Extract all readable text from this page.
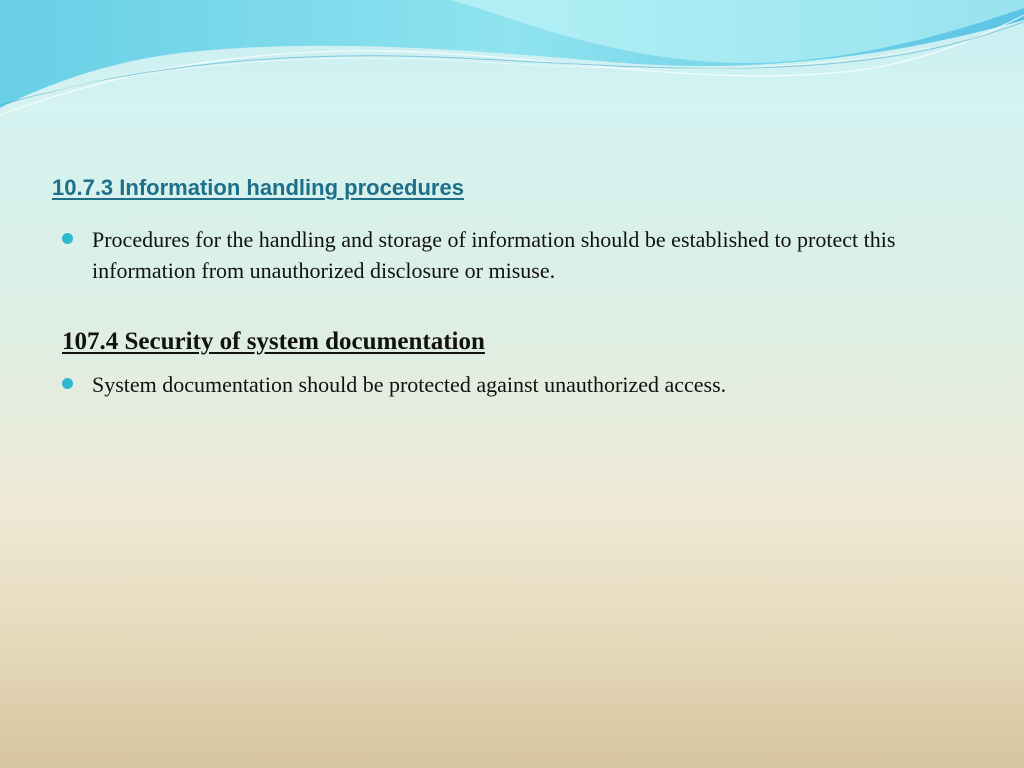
10.7.3 Information handling procedures
Procedures for the handling and storage of information should be established to protect this information from unauthorized disclosure or misuse.
107.4 Security of system documentation
System documentation should be protected against unauthorized access.
